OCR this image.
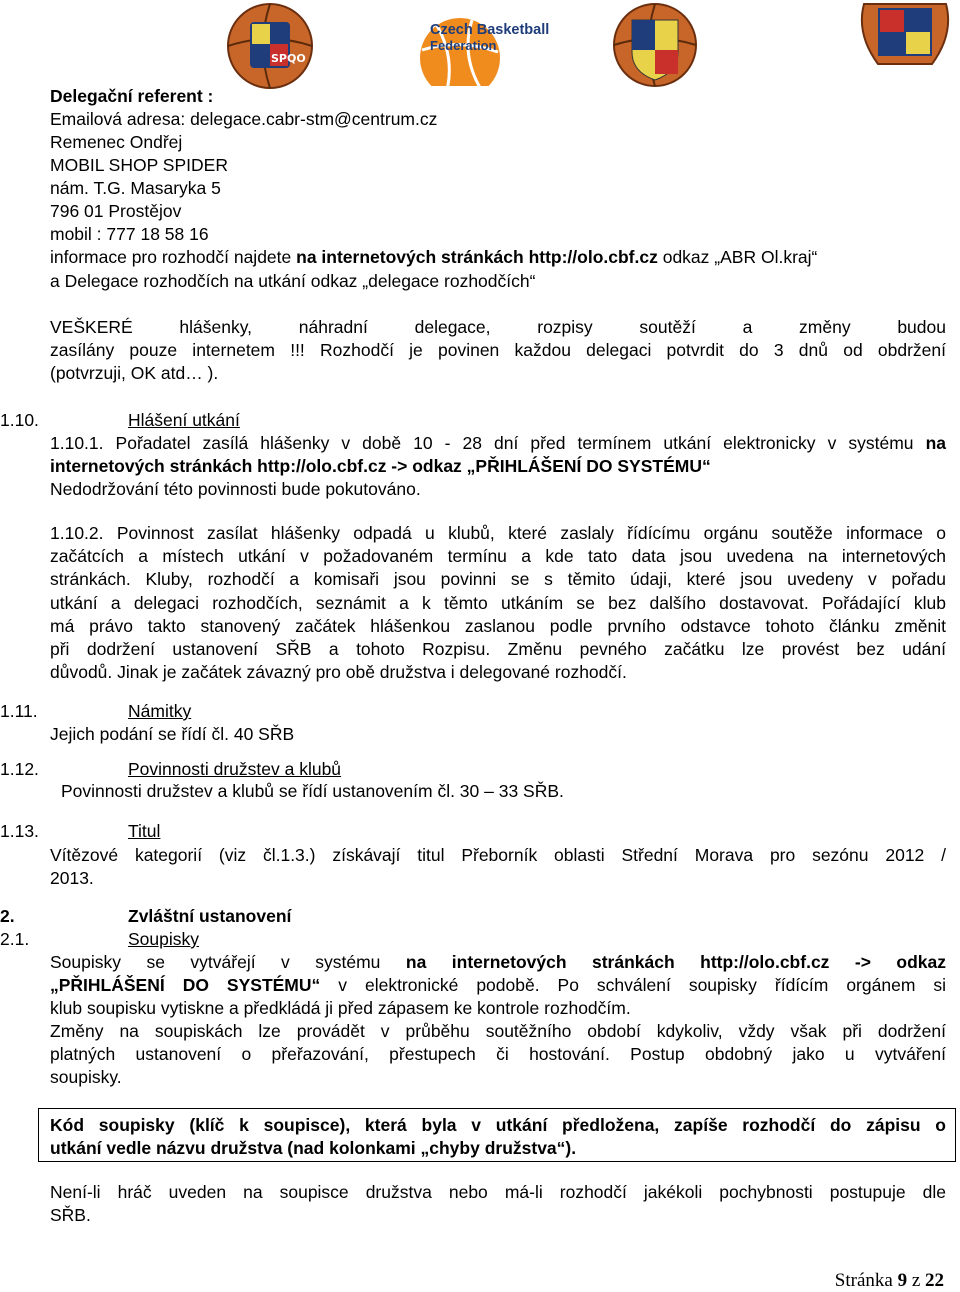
SPQO
Czech Basketball
Federation
Delegační referent :
Emailová adresa: delegace.cabr-stm@centrum.cz
Remenec Ondřej
MOBIL SHOP SPIDER
nám. T.G. Masaryka 5
796 01 Prostějov
mobil : 777 18 58 16
informace pro rozhodčí najdete na internetových stránkách http://olo.cbf.cz odkaz „ABR Ol.kraj“
a Delegace rozhodčích na utkání odkaz „delegace rozhodčích“
VEŠKERÉ hlášenky, náhradní delegace, rozpisy soutěží a změny budou
zasílány pouze internetem !!! Rozhodčí je povinen každou delegaci potvrdit do 3 dnů od obdržení
(potvrzuji, OK atd… ).
1.10.	Hlášení utkání
1.10.1. Pořadatel zasílá hlášenky v době 10 - 28 dní před termínem utkání elektronicky v systému na
internetových stránkách http://olo.cbf.cz -> odkaz „PŘIHLÁŠENÍ DO SYSTÉMU“
Nedodržování této povinnosti bude pokutováno.
1.10.2. Povinnost zasílat hlášenky odpadá u klubů, které zaslaly řídícímu orgánu soutěže informace o
začátcích a místech utkání v požadovaném termínu a kde tato data jsou uvedena na internetových
stránkách. Kluby, rozhodčí a komisaři jsou povinni se s těmito údaji, které jsou uvedeny v pořadu
utkání a delegaci rozhodčích, seznámit a k těmto utkáním se bez dalšího dostavovat. Pořádající klub
má právo takto stanovený začátek hlášenkou zaslanou podle prvního odstavce tohoto článku změnit
při dodržení ustanovení SŘB a tohoto Rozpisu. Změnu pevného začátku lze provést bez udání
důvodů. Jinak je začátek závazný pro obě družstva i delegované rozhodčí.
1.11.	Námitky
Jejich podání se řídí čl. 40 SŘB
1.12.	Povinnosti družstev a klubů
Povinnosti družstev a klubů se řídí ustanovením čl. 30 – 33 SŘB.
1.13.	Titul
Vítězové kategorií (viz čl.1.3.) získávají titul Přeborník oblasti Střední Morava pro sezónu 2012 /
2013.
2.	Zvláštní ustanovení
2.1.	Soupisky
Soupisky se vytvářejí v systému na internetových stránkách http://olo.cbf.cz -> odkaz
„PŘIHLÁŠENÍ DO SYSTÉMU“ v elektronické podobě. Po schválení soupisky řídícím orgánem si
klub soupisku vytiskne a předkládá ji před zápasem ke kontrole rozhodčím.
Změny na soupiskách lze provádět v průběhu soutěžního období kdykoliv, vždy však při dodržení
platných ustanovení o přeřazování, přestupech či hostování. Postup obdobný jako u vytváření
soupisky.
Kód soupisky (klíč k soupisce), která byla v utkání předložena, zapíše rozhodčí do zápisu o
utkání vedle názvu družstva (nad kolonkami „chyby družstva“).
Není-li hráč uveden na soupisce družstva nebo má-li rozhodčí jakékoli pochybnosti postupuje dle
SŘB.
Stránka 9 z 22
